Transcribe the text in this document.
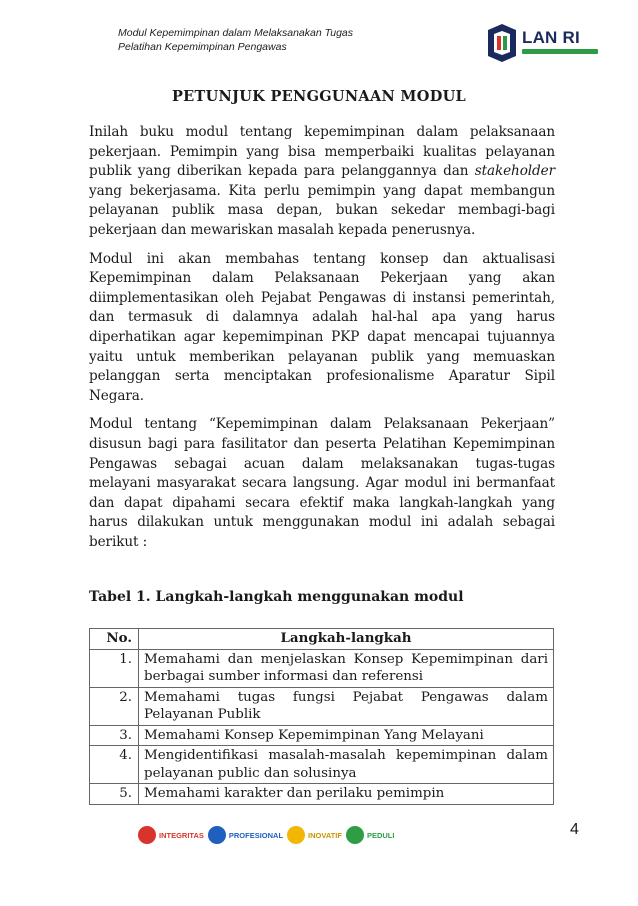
Modul Kepemimpinan dalam Melaksanakan Tugas
Pelatihan Kepemimpinan Pengawas	LAN RI
PETUNJUK PENGGUNAAN MODUL

Inilah buku modul tentang kepemimpinan dalam pelaksanaan pekerjaan. Pemimpin yang bisa memperbaiki kualitas pelayanan publik yang diberikan kepada para pelanggannya dan stakeholder yang bekerjasama. Kita perlu pemimpin yang dapat membangun pelayanan publik masa depan, bukan sekedar membagi-bagi pekerjaan dan mewariskan masalah kepada penerusnya.

Modul ini akan membahas tentang konsep dan aktualisasi Kepemimpinan dalam Pelaksanaan Pekerjaan yang akan diimplementasikan oleh Pejabat Pengawas di instansi pemerintah, dan termasuk di dalamnya adalah hal-hal apa yang harus diperhatikan agar kepemimpinan PKP dapat mencapai tujuannya yaitu untuk memberikan pelayanan publik yang memuaskan pelanggan serta menciptakan profesionalisme Aparatur Sipil Negara.

Modul tentang “Kepemimpinan dalam Pelaksanaan Pekerjaan” disusun bagi para fasilitator dan peserta Pelatihan Kepemimpinan Pengawas sebagai acuan dalam melaksanakan tugas-tugas melayani masyarakat secara langsung. Agar modul ini bermanfaat dan dapat dipahami secara efektif maka langkah-langkah yang harus dilakukan untuk menggunakan modul ini adalah sebagai berikut :

Tabel 1. Langkah-langkah menggunakan modul
No.	Langkah-langkah
1.	Memahami dan menjelaskan Konsep Kepemimpinan dari berbagai sumber informasi dan referensi
2.	Memahami tugas fungsi Pejabat Pengawas dalam Pelayanan Publik
3.	Memahami Konsep Kepemimpinan Yang Melayani
4.	Mengidentifikasi masalah-masalah kepemimpinan dalam pelayanan public dan solusinya
5.	Memahami karakter dan perilaku pemimpin
INTEGRITAS	PROFESIONAL	INOVATIF	PEDULI	4
